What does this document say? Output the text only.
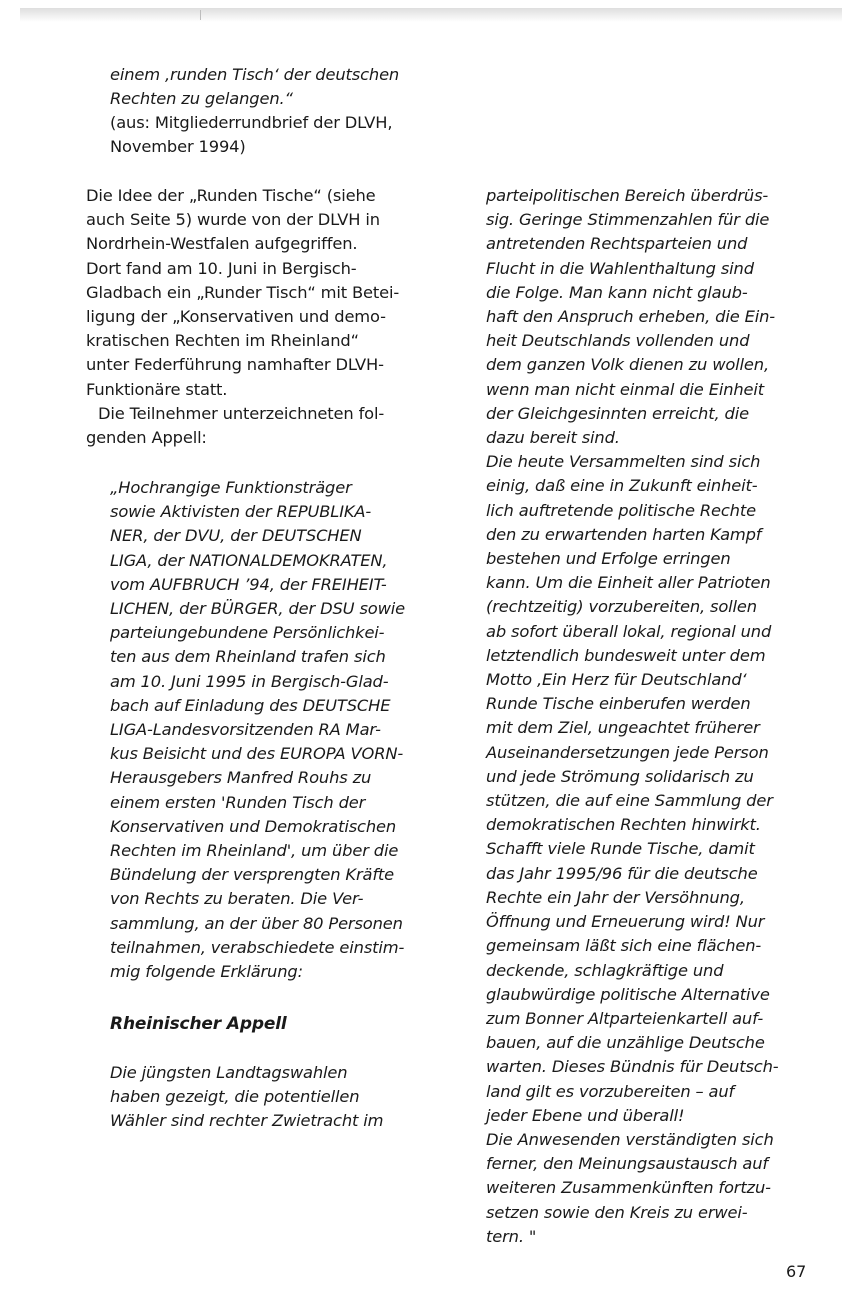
einem ‚runden Tisch‘ der deutschen
Rechten zu gelangen.“
(aus: Mitgliederrundbrief der DLVH,
November 1994)
Die Idee der „Runden Tische“ (siehe
auch Seite 5) wurde von der DLVH in
Nordrhein-Westfalen aufgegriffen.
Dort fand am 10. Juni in Bergisch-
Gladbach ein „Runder Tisch“ mit Betei-
ligung der „Konservativen und demo-
kratischen Rechten im Rheinland“
unter Federführung namhafter DLVH-
Funktionäre statt.
Die Teilnehmer unterzeichneten fol-
genden Appell:
„Hochrangige Funktionsträger
sowie Aktivisten der REPUBLIKA-
NER, der DVU, der DEUTSCHEN
LIGA, der NATIONALDEMOKRATEN,
vom AUFBRUCH ’94, der FREIHEIT-
LICHEN, der BÜRGER, der DSU sowie
parteiungebundene Persönlichkei-
ten aus dem Rheinland trafen sich
am 10. Juni 1995 in Bergisch-Glad-
bach auf Einladung des DEUTSCHE
LIGA-Landesvorsitzenden RA Mar-
kus Beisicht und des EUROPA VORN-
Herausgebers Manfred Rouhs zu
einem ersten 'Runden Tisch der
Konservativen und Demokratischen
Rechten im Rheinland', um über die
Bündelung der versprengten Kräfte
von Rechts zu beraten. Die Ver-
sammlung, an der über 80 Personen
teilnahmen, verabschiedete einstim-
mig folgende Erklärung:
Rheinischer Appell
Die jüngsten Landtagswahlen
haben gezeigt, die potentiellen
Wähler sind rechter Zwietracht im
parteipolitischen Bereich überdrüs-
sig. Geringe Stimmenzahlen für die
antretenden Rechtsparteien und
Flucht in die Wahlenthaltung sind
die Folge. Man kann nicht glaub-
haft den Anspruch erheben, die Ein-
heit Deutschlands vollenden und
dem ganzen Volk dienen zu wollen,
wenn man nicht einmal die Einheit
der Gleichgesinnten erreicht, die
dazu bereit sind.
Die heute Versammelten sind sich
einig, daß eine in Zukunft einheit-
lich auftretende politische Rechte
den zu erwartenden harten Kampf
bestehen und Erfolge erringen
kann. Um die Einheit aller Patrioten
(rechtzeitig) vorzubereiten, sollen
ab sofort überall lokal, regional und
letztendlich bundesweit unter dem
Motto ‚Ein Herz für Deutschland‘
Runde Tische einberufen werden
mit dem Ziel, ungeachtet früherer
Auseinandersetzungen jede Person
und jede Strömung solidarisch zu
stützen, die auf eine Sammlung der
demokratischen Rechten hinwirkt.
Schafft viele Runde Tische, damit
das Jahr 1995/96 für die deutsche
Rechte ein Jahr der Versöhnung,
Öffnung und Erneuerung wird! Nur
gemeinsam läßt sich eine flächen-
deckende, schlagkräftige und
glaubwürdige politische Alternative
zum Bonner Altparteienkartell auf-
bauen, auf die unzählige Deutsche
warten. Dieses Bündnis für Deutsch-
land gilt es vorzubereiten – auf
jeder Ebene und überall!
Die Anwesenden verständigten sich
ferner, den Meinungsaustausch auf
weiteren Zusammenkünften fortzu-
setzen sowie den Kreis zu erwei-
tern. "
67
